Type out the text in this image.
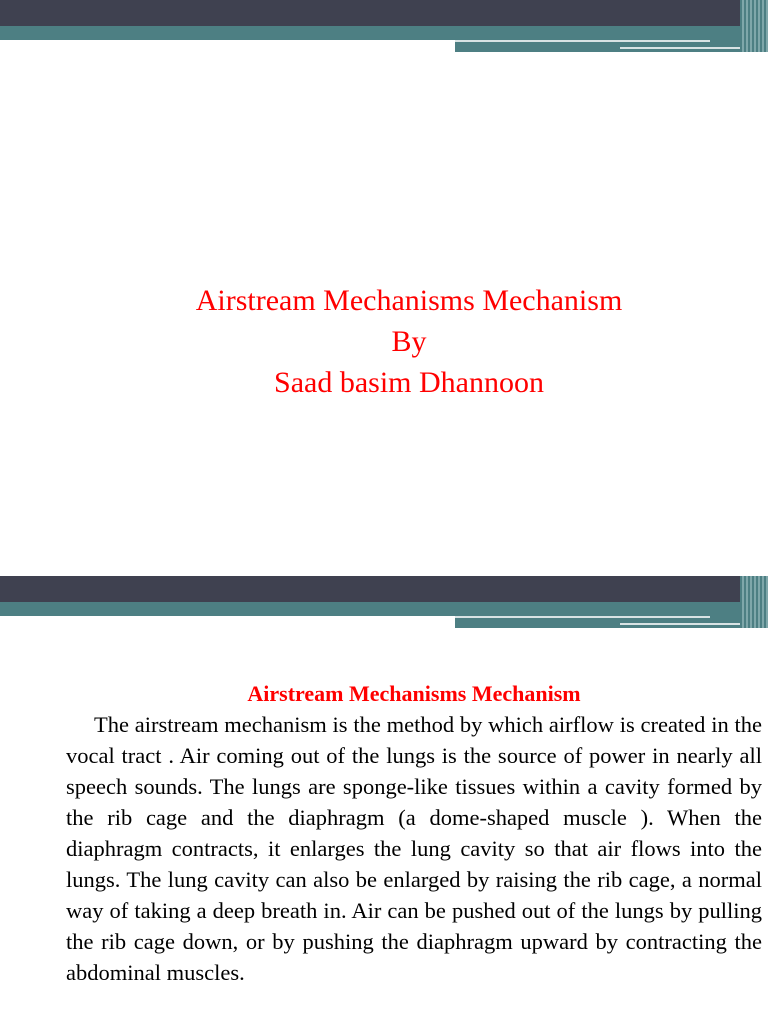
Airstream Mechanisms Mechanism
By
Saad basim Dhannoon

Airstream Mechanisms Mechanism

The airstream mechanism is the method by which airflow is created in the vocal tract . Air coming out of the lungs is the source of power in nearly all speech sounds. The lungs are sponge-like tissues within a cavity formed by the rib cage and the diaphragm (a dome-shaped muscle ). When the diaphragm contracts, it enlarges the lung cavity so that air flows into the lungs. The lung cavity can also be enlarged by raising the rib cage, a normal way of taking a deep breath in. Air can be pushed out of the lungs by pulling the rib cage down, or by pushing the diaphragm upward by contracting the abdominal muscles.
